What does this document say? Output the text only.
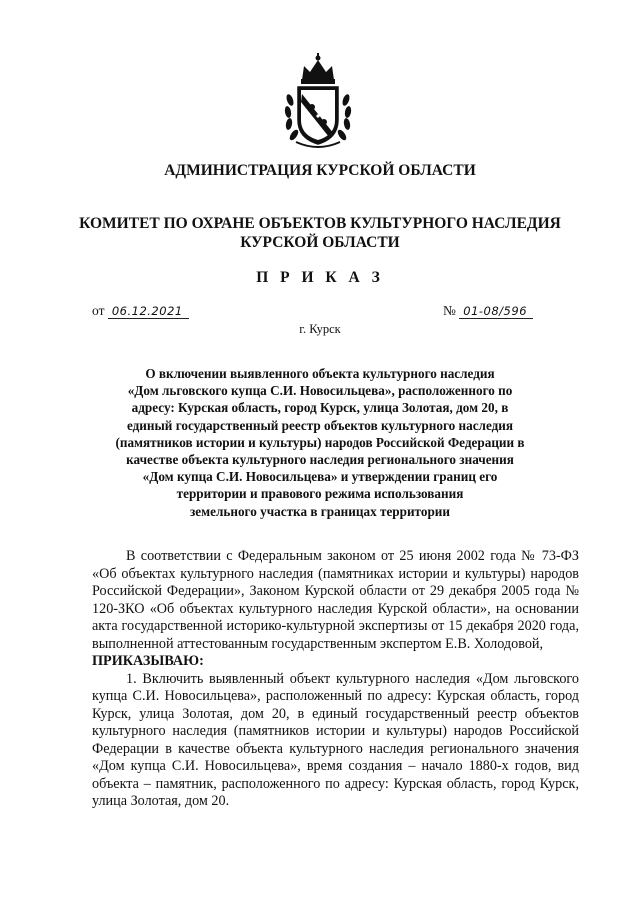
АДМИНИСТРАЦИЯ КУРСКОЙ ОБЛАСТИ
КОМИТЕТ ПО ОХРАНЕ ОБЪЕКТОВ КУЛЬТУРНОГО НАСЛЕДИЯ
КУРСКОЙ ОБЛАСТИ
П Р И К А З
от 06.12.2021	№ 01-08/596
г. Курск
О включении выявленного объекта культурного наследия
«Дом льговского купца С.И. Новосильцева», расположенного по
адресу: Курская область, город Курск, улица Золотая, дом 20, в
единый государственный реестр объектов культурного наследия
(памятников истории и культуры) народов Российской Федерации в
качестве объекта культурного наследия регионального значения
«Дом купца С.И. Новосильцева» и утверждении границ его
территории и правового режима использования
земельного участка в границах территории

В соответствии с Федеральным законом от 25 июня 2002 года № 73-ФЗ «Об объектах культурного наследия (памятниках истории и культуры) народов Российской Федерации», Законом Курской области от 29 декабря 2005 года № 120-ЗКО «Об объектах культурного наследия Курской области», на основании акта государственной историко-культурной экспертизы от 15 декабря 2020 года, выполненной аттестованным государственным экспертом Е.В. Холодовой,

ПРИКАЗЫВАЮ:

1. Включить выявленный объект культурного наследия «Дом льговского купца С.И. Новосильцева», расположенный по адресу: Курская область, город Курск, улица Золотая, дом 20, в единый государственный реестр объектов культурного наследия (памятников истории и культуры) народов Российской Федерации в качестве объекта культурного наследия регионального значения «Дом купца С.И. Новосильцева», время создания – начало 1880-х годов, вид объекта – памятник, расположенного по адресу: Курская область, город Курск, улица Золотая, дом 20.
